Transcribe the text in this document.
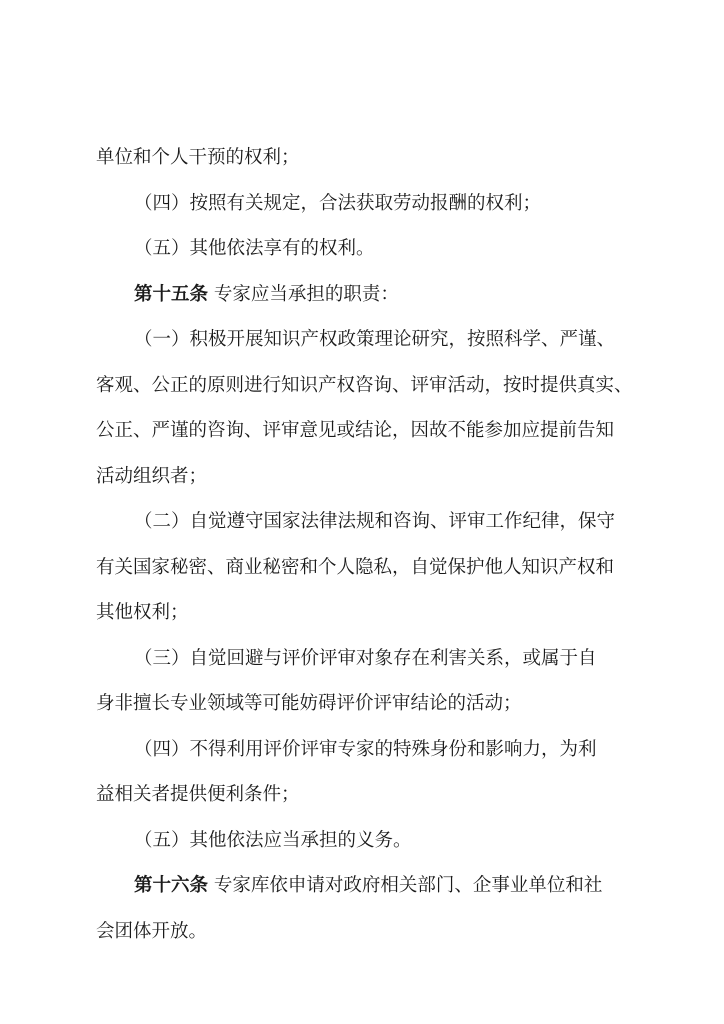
单位和个人干预的权利；
（四）按照有关规定，合法获取劳动报酬的权利；
（五）其他依法享有的权利。
第十五条 专家应当承担的职责：
（一）积极开展知识产权政策理论研究，按照科学、严谨、
客观、公正的原则进行知识产权咨询、评审活动，按时提供真实、
公正、严谨的咨询、评审意见或结论，因故不能参加应提前告知
活动组织者；
（二）自觉遵守国家法律法规和咨询、评审工作纪律，保守
有关国家秘密、商业秘密和个人隐私，自觉保护他人知识产权和
其他权利；
（三）自觉回避与评价评审对象存在利害关系，或属于自
身非擅长专业领域等可能妨碍评价评审结论的活动；
（四）不得利用评价评审专家的特殊身份和影响力，为利
益相关者提供便利条件；
（五）其他依法应当承担的义务。
第十六条 专家库依申请对政府相关部门、企事业单位和社
会团体开放。
